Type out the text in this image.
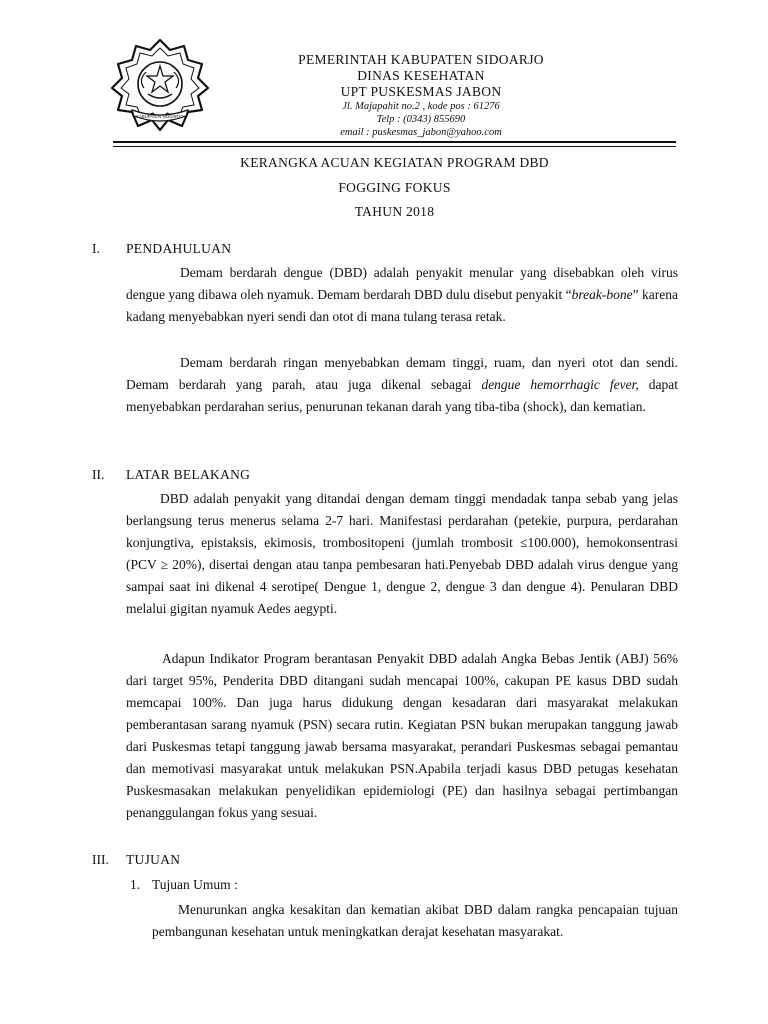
KABUPATEN SIDOARJO
PEMERINTAH KABUPATEN SIDOARJO
DINAS KESEHATAN
UPT PUSKESMAS JABON
Jl. Majapahit no.2 , kode pos : 61276
Telp : (0343) 855690
email : puskesmas_jabon@yahoo.com
KERANGKA ACUAN KEGIATAN PROGRAM DBD
FOGGING FOKUS
TAHUN 2018
I. PENDAHULUAN
Demam berdarah dengue (DBD) adalah penyakit menular yang disebabkan oleh virus dengue yang dibawa oleh nyamuk. Demam berdarah DBD dulu disebut penyakit “break-bone” karena kadang menyebabkan nyeri sendi dan otot di mana tulang terasa retak.
Demam berdarah ringan menyebabkan demam tinggi, ruam, dan nyeri otot dan sendi. Demam berdarah yang parah, atau juga dikenal sebagai dengue hemorrhagic fever, dapat menyebabkan perdarahan serius, penurunan tekanan darah yang tiba-tiba (shock), dan kematian.
II. LATAR BELAKANG
DBD adalah penyakit yang ditandai dengan demam tinggi mendadak tanpa sebab yang jelas berlangsung terus menerus selama 2-7 hari. Manifestasi perdarahan (petekie, purpura, perdarahan konjungtiva, epistaksis, ekimosis, trombositopeni (jumlah trombosit ≤100.000), hemokonsentrasi (PCV ≥ 20%), disertai dengan atau tanpa pembesaran hati.Penyebab DBD adalah virus dengue yang sampai saat ini dikenal 4 serotipe( Dengue 1, dengue 2, dengue 3 dan dengue 4). Penularan DBD melalui gigitan nyamuk Aedes aegypti.
Adapun Indikator Program berantasan Penyakit DBD adalah Angka Bebas Jentik (ABJ) 56% dari target 95%, Penderita DBD ditangani sudah mencapai 100%, cakupan PE kasus DBD sudah memcapai 100%. Dan juga harus didukung dengan kesadaran dari masyarakat melakukan pemberantasan sarang nyamuk (PSN) secara rutin. Kegiatan PSN bukan merupakan tanggung jawab dari Puskesmas tetapi tanggung jawab bersama masyarakat, perandari Puskesmas sebagai pemantau dan memotivasi masyarakat untuk melakukan PSN.Apabila terjadi kasus DBD petugas kesehatan Puskesmasakan melakukan penyelidikan epidemiologi (PE) dan hasilnya sebagai pertimbangan penanggulangan fokus yang sesuai.
III. TUJUAN
1. Tujuan Umum :
Menurunkan angka kesakitan dan kematian akibat DBD dalam rangka pencapaian tujuan pembangunan kesehatan untuk meningkatkan derajat kesehatan masyarakat.
